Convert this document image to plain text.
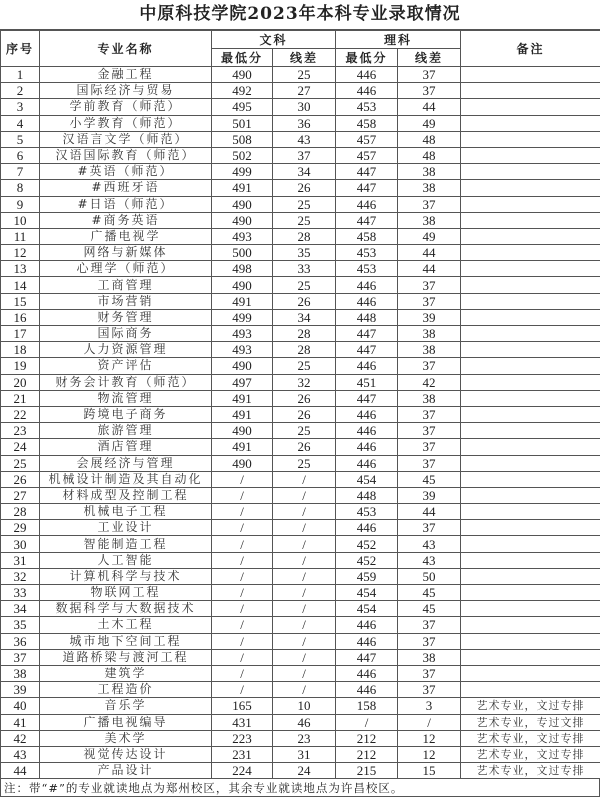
中原科技学院2023年本科专业录取情况
序号	专业名称	文科		理科		备注
		最低分	线差	最低分	线差	
1	金融工程	490	25	446	37	
2	国际经济与贸易	492	27	446	37	
3	学前教育（师范）	495	30	453	44	
4	小学教育（师范）	501	36	458	49	
5	汉语言文学（师范）	508	43	457	48	
6	汉语国际教育（师范）	502	37	457	48	
7	#英语（师范）	499	34	447	38	
8	#西班牙语	491	26	447	38	
9	#日语（师范）	490	25	446	37	
10	#商务英语	490	25	447	38	
11	广播电视学	493	28	458	49	
12	网络与新媒体	500	35	453	44	
13	心理学（师范）	498	33	453	44	
14	工商管理	490	25	446	37	
15	市场营销	491	26	446	37	
16	财务管理	499	34	448	39	
17	国际商务	493	28	447	38	
18	人力资源管理	493	28	447	38	
19	资产评估	490	25	446	37	
20	财务会计教育（师范）	497	32	451	42	
21	物流管理	491	26	447	38	
22	跨境电子商务	491	26	446	37	
23	旅游管理	490	25	446	37	
24	酒店管理	491	26	446	37	
25	会展经济与管理	490	25	446	37	
26	机械设计制造及其自动化	/	/	454	45	
27	材料成型及控制工程	/	/	448	39	
28	机械电子工程	/	/	453	44	
29	工业设计	/	/	446	37	
30	智能制造工程	/	/	452	43	
31	人工智能	/	/	452	43	
32	计算机科学与技术	/	/	459	50	
33	物联网工程	/	/	454	45	
34	数据科学与大数据技术	/	/	454	45	
35	土木工程	/	/	446	37	
36	城市地下空间工程	/	/	446	37	
37	道路桥梁与渡河工程	/	/	447	38	
38	建筑学	/	/	446	37	
39	工程造价	/	/	446	37	
40	音乐学	165	10	158	3	艺术专业，文过专排
41	广播电视编导	431	46	/	/	艺术专业，专过文排
42	美术学	223	23	212	12	艺术专业，文过专排
43	视觉传达设计	231	31	212	12	艺术专业，文过专排
44	产品设计	224	24	215	15	艺术专业，文过专排
注：带“#”的专业就读地点为郑州校区，其余专业就读地点为许昌校区。
